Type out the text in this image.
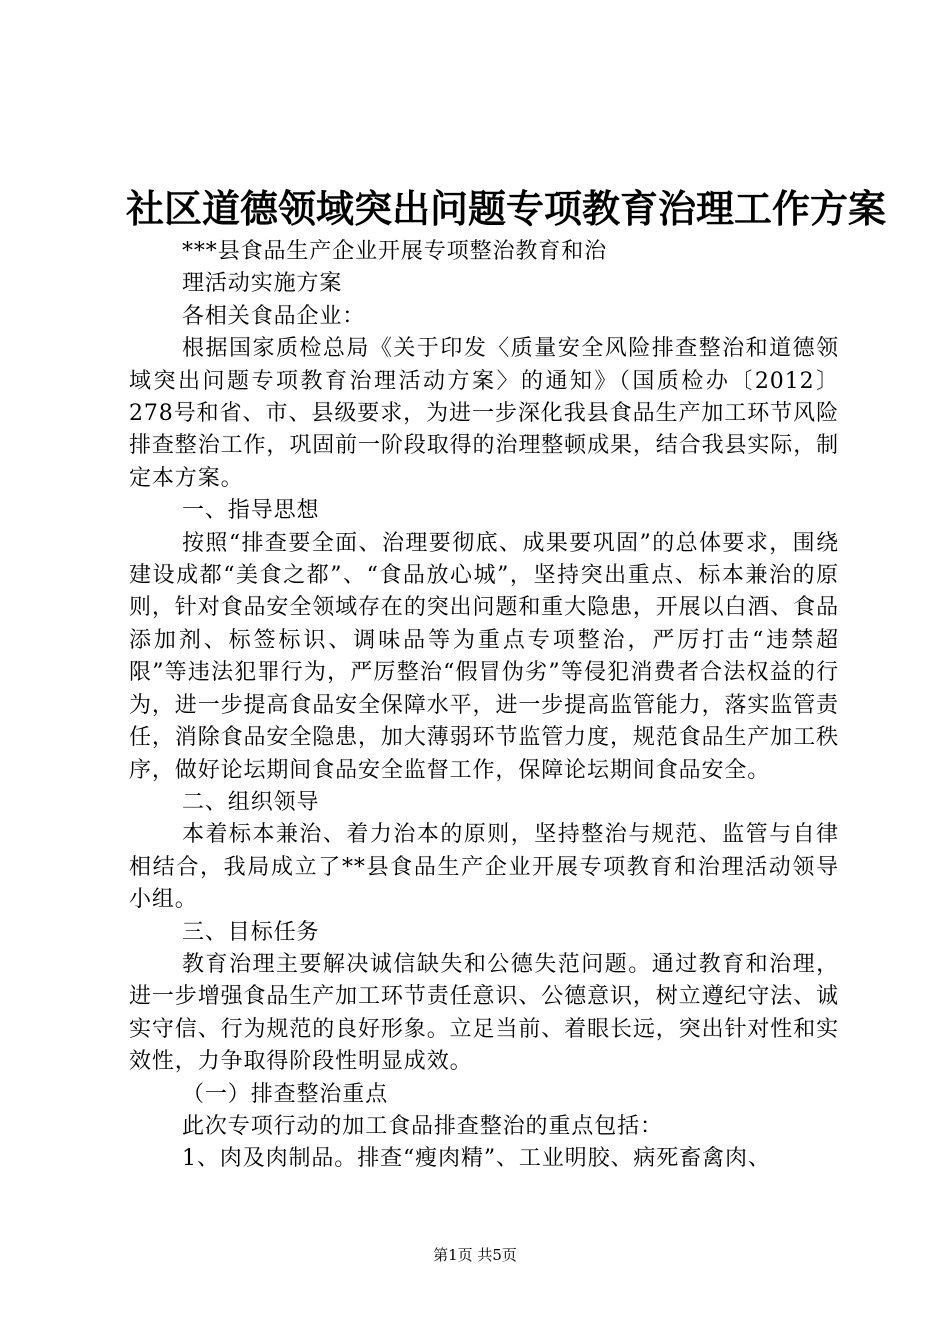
社区道德领域突出问题专项教育治理工作方案

***县食品生产企业开展专项整治教育和治

理活动实施方案

各相关食品企业：

根据国家质检总局《关于印发〈质量安全风险排查整治和道德领域突出问题专项教育治理活动方案〉的通知》（国质检办〔2012〕278号和省、市、县级要求，为进一步深化我县食品生产加工环节风险排查整治工作，巩固前一阶段取得的治理整顿成果，结合我县实际，制定本方案。

一、指导思想

按照“排查要全面、治理要彻底、成果要巩固”的总体要求，围绕建设成都“美食之都”、“食品放心城”，坚持突出重点、标本兼治的原则，针对食品安全领域存在的突出问题和重大隐患，开展以白酒、食品添加剂、标签标识、调味品等为重点专项整治，严厉打击“违禁超限”等违法犯罪行为，严厉整治“假冒伪劣”等侵犯消费者合法权益的行为，进一步提高食品安全保障水平，进一步提高监管能力，落实监管责任，消除食品安全隐患，加大薄弱环节监管力度，规范食品生产加工秩序，做好论坛期间食品安全监督工作，保障论坛期间食品安全。

二、组织领导

本着标本兼治、着力治本的原则，坚持整治与规范、监管与自律相结合，我局成立了**县食品生产企业开展专项教育和治理活动领导小组。

三、目标任务

教育治理主要解决诚信缺失和公德失范问题。通过教育和治理，进一步增强食品生产加工环节责任意识、公德意识，树立遵纪守法、诚实守信、行为规范的良好形象。立足当前、着眼长远，突出针对性和实效性，力争取得阶段性明显成效。

（一）排查整治重点

此次专项行动的加工食品排查整治的重点包括：

1、肉及肉制品。排查“瘦肉精”、工业明胶、病死畜禽肉、

第1页 共5页
